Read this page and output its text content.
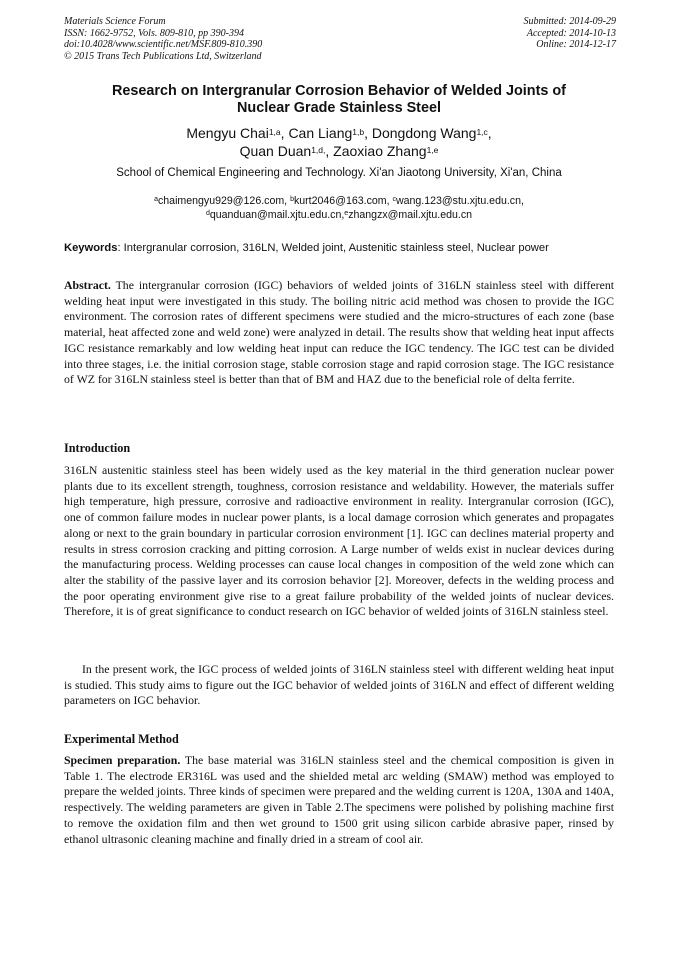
Materials Science Forum
ISSN: 1662-9752, Vols. 809-810, pp 390-394
doi:10.4028/www.scientific.net/MSF.809-810.390
© 2015 Trans Tech Publications Ltd, Switzerland
Submitted: 2014-09-29
Accepted: 2014-10-13
Online: 2014-12-17
Research on Intergranular Corrosion Behavior of Welded Joints of
Nuclear Grade Stainless Steel
Mengyu Chai$^{1,a}$, Can Liang$^{1,b}$, Dongdong Wang$^{1,c}$,
Quan Duan$^{1,d,}$, Zaoxiao Zhang$^{1,e}$
School of Chemical Engineering and Technology. Xi'an Jiaotong University, Xi'an, China
$^a$chaimengyu929@126.com, $^b$kurt2046@163.com, $^c$wang.123@stu.xjtu.edu.cn,
$^d$quanduan@mail.xjtu.edu.cn,$^e$zhangzx@mail.xjtu.edu.cn
Keywords: Intergranular corrosion, 316LN, Welded joint, Austenitic stainless steel, Nuclear power

Abstract. The intergranular corrosion (IGC) behaviors of welded joints of 316LN stainless steel with different welding heat input were investigated in this study. The boiling nitric acid method was chosen to provide the IGC environment. The corrosion rates of different specimens were studied and the micro-structures of each zone (base material, heat affected zone and weld zone) were analyzed in detail. The results show that welding heat input affects IGC resistance remarkably and low welding heat input can reduce the IGC tendency. The IGC test can be divided into three stages, i.e. the initial corrosion stage, stable corrosion stage and rapid corrosion stage. The IGC resistance of WZ for 316LN stainless steel is better than that of BM and HAZ due to the beneficial role of delta ferrite.

Introduction

316LN austenitic stainless steel has been widely used as the key material in the third generation nuclear power plants due to its excellent strength, toughness, corrosion resistance and weldability. However, the materials suffer high temperature, high pressure, corrosive and radioactive environment in reality. Intergranular corrosion (IGC), one of common failure modes in nuclear power plants, is a local damage corrosion which generates and propagates along or next to the grain boundary in particular corrosion environment [1]. IGC can declines material property and results in stress corrosion cracking and pitting corrosion. A Large number of welds exist in nuclear devices during the manufacturing process. Welding processes can cause local changes in composition of the weld zone which can alter the stability of the passive layer and its corrosion behavior [2]. Moreover, defects in the welding process and the poor operating environment give rise to a great failure probability of the welded joints of nuclear devices. Therefore, it is of great significance to conduct research on IGC behavior of welded joints of 316LN stainless steel.

In the present work, the IGC process of welded joints of 316LN stainless steel with different welding heat input is studied. This study aims to figure out the IGC behavior of welded joints of 316LN and effect of different welding parameters on IGC behavior.

Experimental Method

Specimen preparation. The base material was 316LN stainless steel and the chemical composition is given in Table 1. The electrode ER316L was used and the shielded metal arc welding (SMAW) method was employed to prepare the welded joints. Three kinds of specimen were prepared and the welding current is 120A, 130A and 140A, respectively. The welding parameters are given in Table 2.The specimens were polished by polishing machine first to remove the oxidation film and then wet ground to 1500 grit using silicon carbide abrasive paper, rinsed by ethanol ultrasonic cleaning machine and finally dried in a stream of cool air.
